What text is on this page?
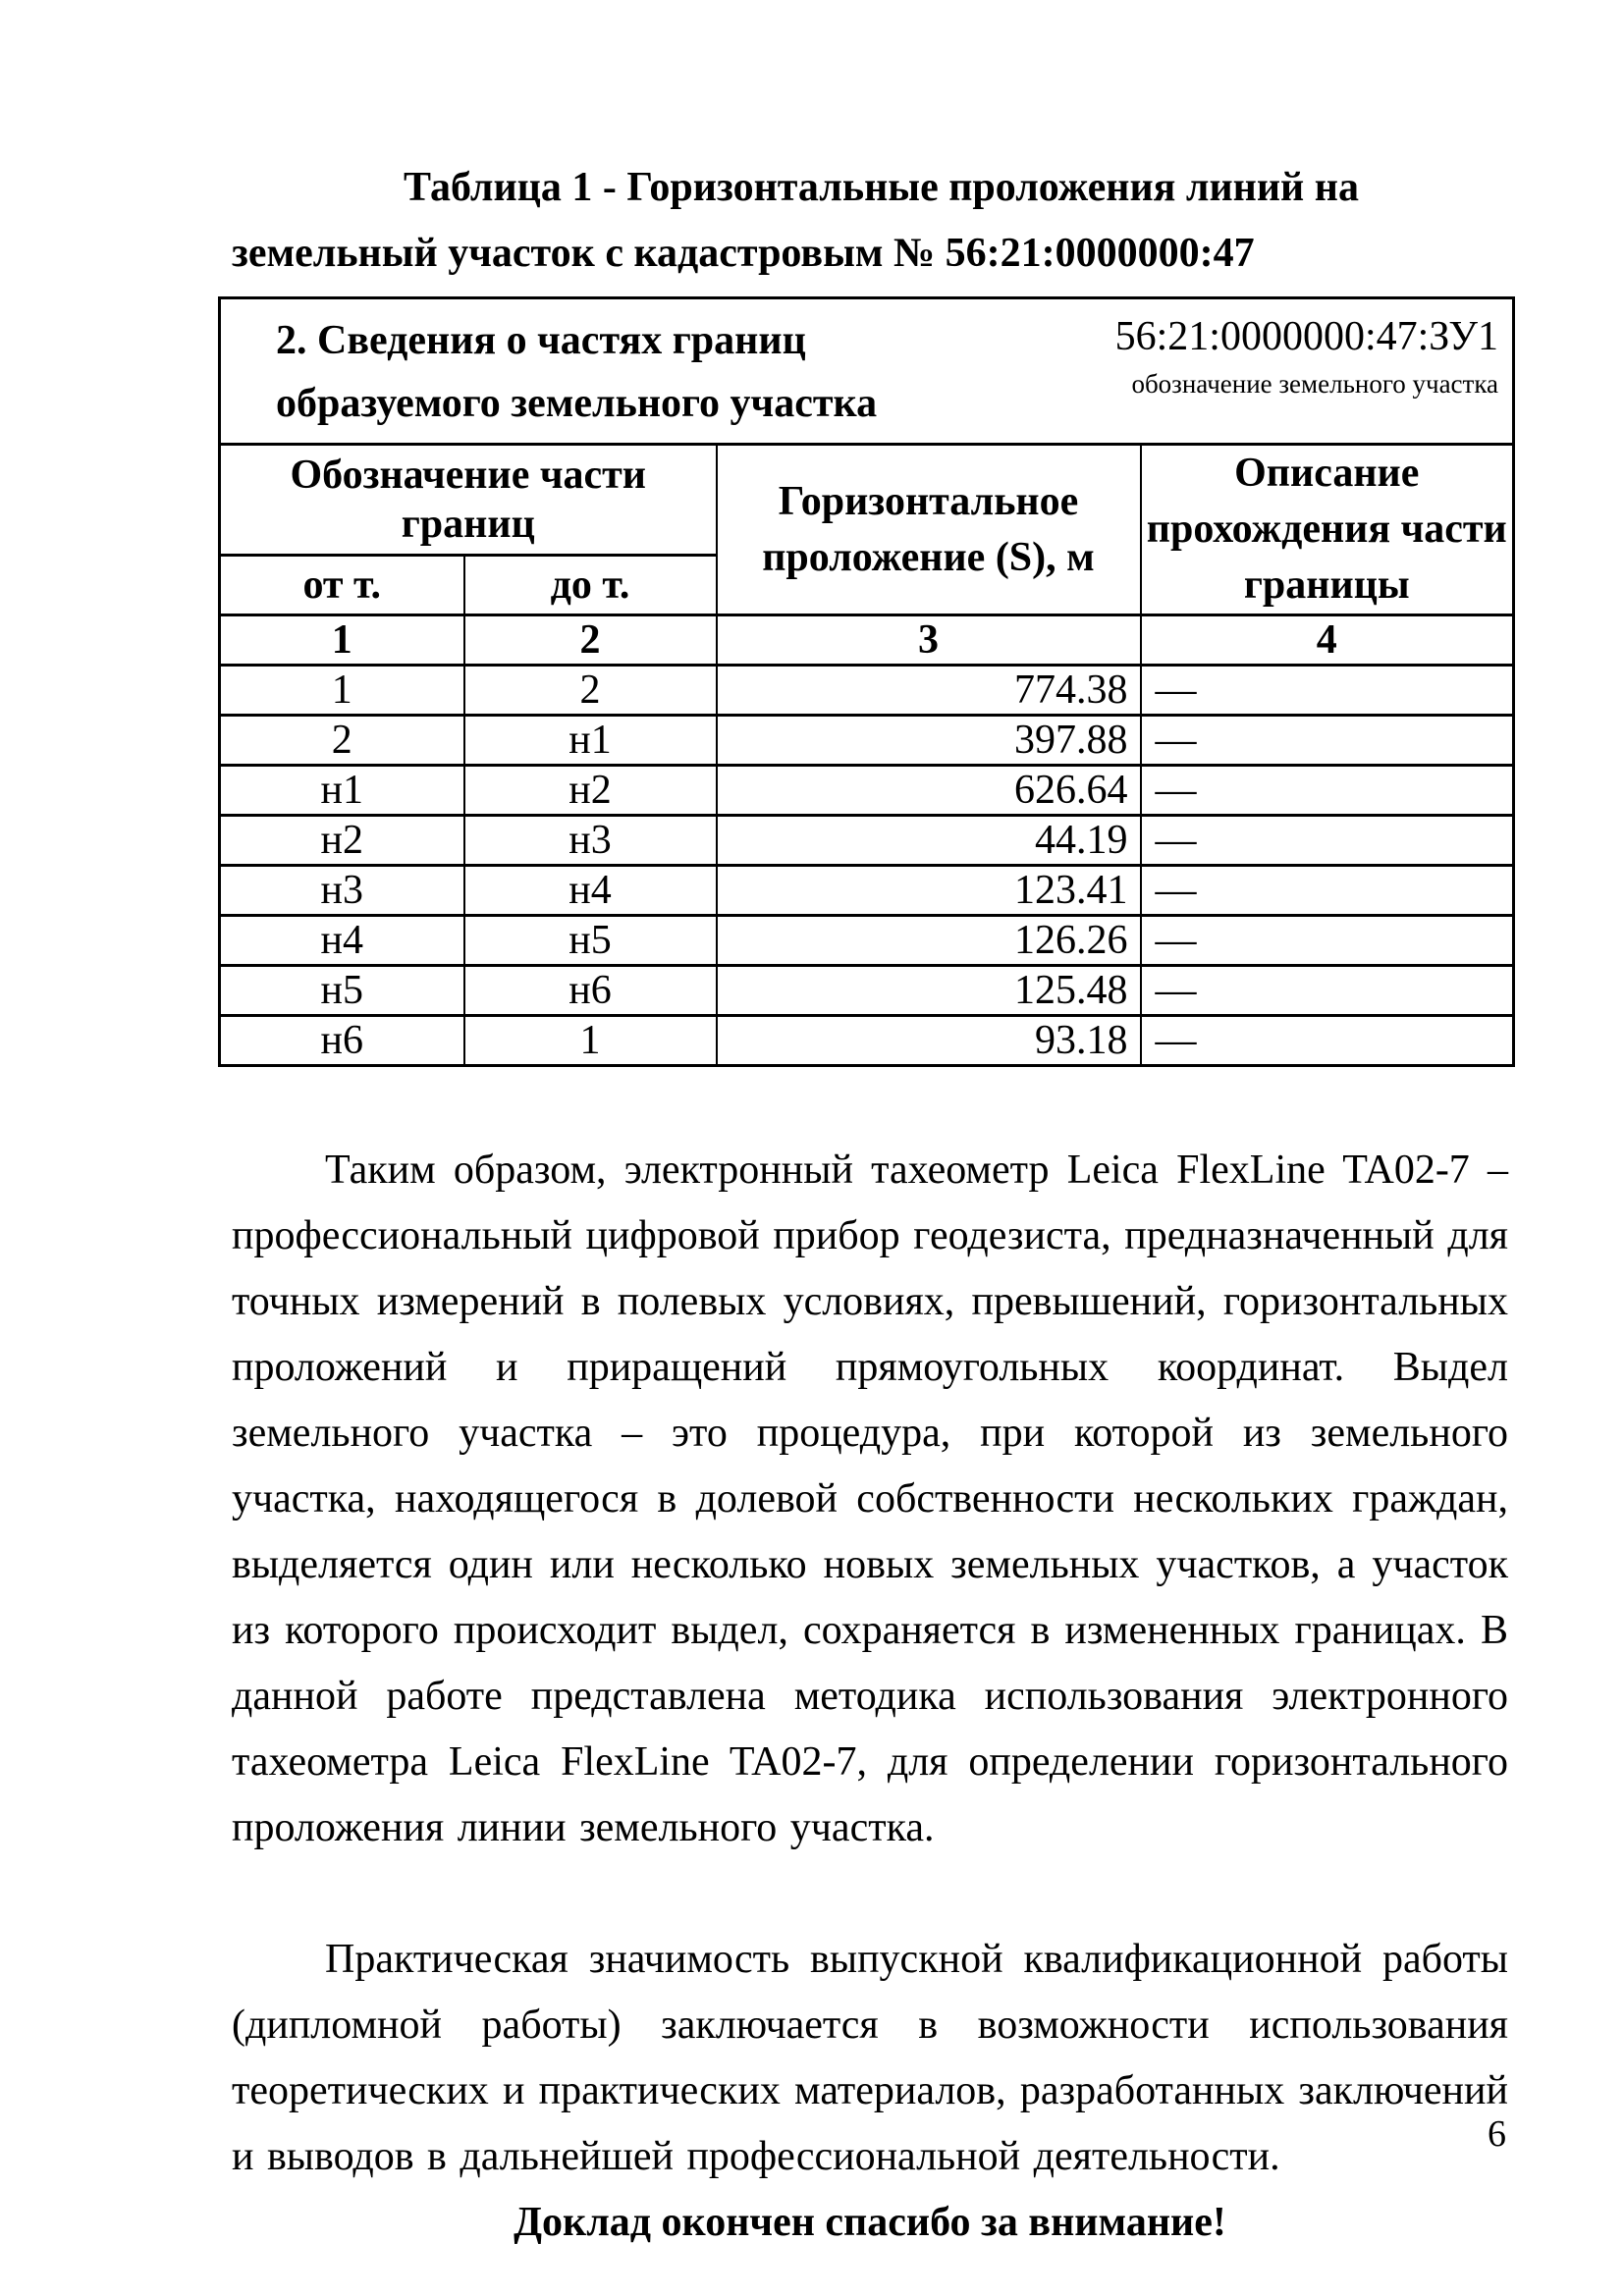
Таблица 1 - Горизонтальные проложения линий на земельный участок с кадастровым № 56:21:0000000:47

2. Сведения о частях границ образуемого земельного участка
56:21:0000000:47:ЗУ1
обозначение земельного участка			

Обозначение части границ		Горизонтальное проложение (S), м	Описание прохождения части границы
от т.	до т.		
1	2	3	4
1	2	774.38	—
2	н1	397.88	—
н1	н2	626.64	—
н2	н3	44.19	—
н3	н4	123.41	—
н4	н5	126.26	—
н5	н6	125.48	—
н6	1	93.18	—

Таким образом, электронный тахеометр Leica FlexLine TA02-7 – профессиональный цифровой прибор геодезиста, предназначенный для точных измерений в полевых условиях, превышений, горизонтальных проложений и приращений прямоугольных координат. Выдел земельного участка – это процедура, при которой из земельного участка, находящегося в долевой собственности нескольких граждан, выделяется один или несколько новых земельных участков, а участок из которого происходит выдел, сохраняется в измененных границах. В данной работе представлена методика использования электронного тахеометра Leica FlexLine TA02-7, для определении горизонтального проложения линии земельного участка.

Практическая значимость выпускной квалификационной работы (дипломной работы) заключается в возможности использования теоретических и практических материалов, разработанных заключений и выводов в дальнейшей профессиональной деятельности.

Доклад окончен спасибо за внимание!

6
